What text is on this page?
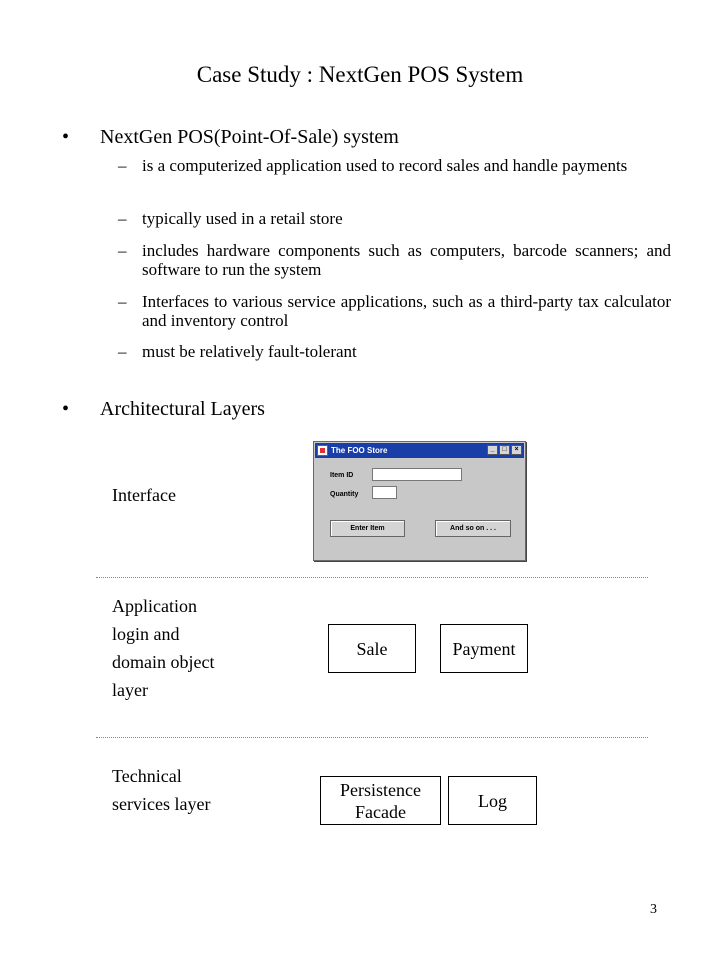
Case Study : NextGen POS System
• NextGen POS(Point-Of-Sale) system
– is a computerized application used to record sales and handle payments
– typically used in a retail store
– includes hardware components such as computers, barcode scanners; and software to run the system
– Interfaces to various service applications, such as a third-party tax calculator and inventory control
– must be relatively fault-tolerant
• Architectural Layers
Interface
The FOO Store	_	□	×
Item ID
Quantity
Enter Item	And so on . . .
Application
login and
domain object
layer
Sale	Payment
Technical
services layer
Persistence
Facade
Log
3
